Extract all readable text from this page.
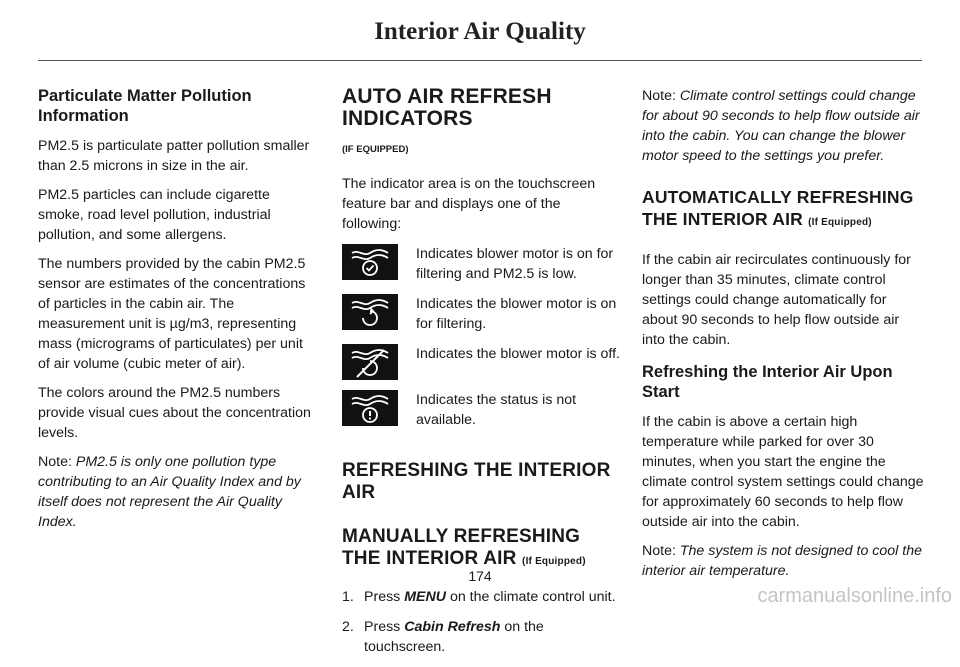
Interior Air Quality
Particulate Matter Pollution Information

PM2.5 is particulate patter pollution smaller than 2.5 microns in size in the air.

PM2.5 particles can include cigarette smoke, road level pollution, industrial pollution, and some allergens.

The numbers provided by the cabin PM2.5 sensor are estimates of the concentrations of particles in the cabin air. The measurement unit is µg/m3, representing mass (micrograms of particulates) per unit of air volume (cubic meter of air).

The colors around the PM2.5 numbers provide visual cues about the concentration levels.

Note: PM2.5 is only one pollution type contributing to an Air Quality Index and by itself does not represent the Air Quality Index.

AUTO AIR REFRESH INDICATORS

(IF EQUIPPED)

The indicator area is on the touchscreen feature bar and displays one of the following:

Indicates blower motor is on for filtering and PM2.5 is low.
Indicates the blower motor is on for filtering.
Indicates the blower motor is off.
Indicates the status is not available.
REFRESHING THE INTERIOR AIR
MANUALLY REFRESHING THE INTERIOR AIR (If Equipped)
1. Press MENU on the climate control unit.
2. Press Cabin Refresh on the touchscreen.

Note: Climate control settings could change for about 90 seconds to help flow outside air into the cabin. You can change the blower motor speed to the settings you prefer.

AUTOMATICALLY REFRESHING THE INTERIOR AIR (If Equipped)

If the cabin air recirculates continuously for longer than 35 minutes, climate control settings could change automatically for about 90 seconds to help flow outside air into the cabin.

Refreshing the Interior Air Upon Start

If the cabin is above a certain high temperature while parked for over 30 minutes, when you start the engine the climate control system settings could change for approximately 60 seconds to help flow outside air into the cabin.

Note: The system is not designed to cool the interior air temperature.

174
carmanualsonline.info
